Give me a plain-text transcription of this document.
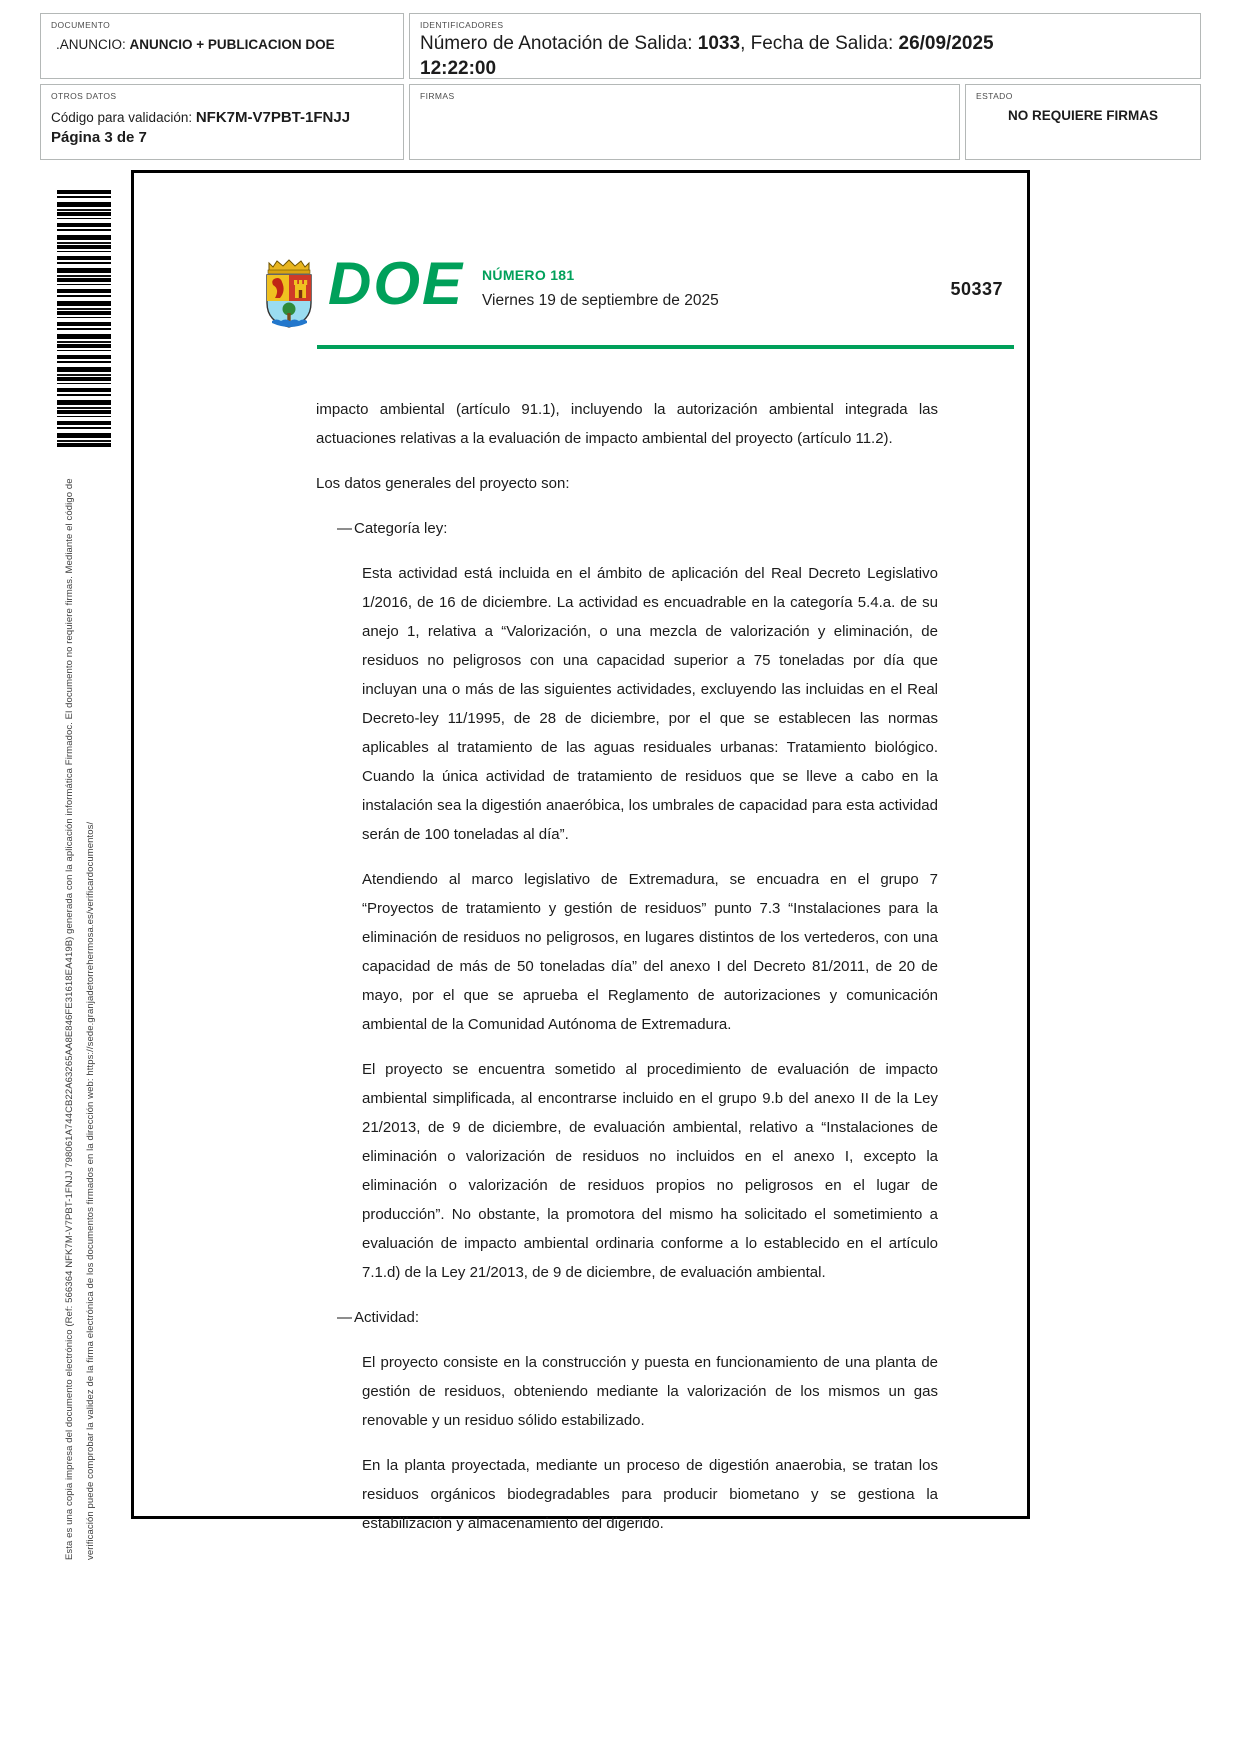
DOCUMENTO
.ANUNCIO: ANUNCIO + PUBLICACION DOE
IDENTIFICADORES
Número de Anotación de Salida: 1033, Fecha de Salida: 26/09/2025
12:22:00
OTROS DATOS
Código para validación: NFK7M-V7PBT-1FNJJ
Página 3 de 7
FIRMAS	ESTADO
NO REQUIERE FIRMAS
Esta es una copia impresa del documento electrónico (Ref: 566364 NFK7M-V7PBT-1FNJJ 798061A744CB22A63265AA8E846FE31618EA419B) generada con la aplicación informática Firmadoc. El documento no requiere firmas. Mediante el código de verificación puede comprobar la validez de la firma electrónica de los documentos firmados en la dirección web: https://sede.granjadetorrehermosa.es/verificardocumentos/
DOE NÚMERO 181
Viernes 19 de septiembre de 2025
50337

impacto ambiental (artículo 91.1), incluyendo la autorización ambiental integrada las actuaciones relativas a la evaluación de impacto ambiental del proyecto (artículo 11.2).

Los datos generales del proyecto son:

— Categoría ley:

Esta actividad está incluida en el ámbito de aplicación del Real Decreto Legislativo 1/2016, de 16 de diciembre. La actividad es encuadrable en la categoría 5.4.a. de su anejo 1, relativa a “Valorización, o una mezcla de valorización y eliminación, de residuos no peligrosos con una capacidad superior a 75 toneladas por día que incluyan una o más de las siguientes actividades, excluyendo las incluidas en el Real Decreto-ley 11/1995, de 28 de diciembre, por el que se establecen las normas aplicables al tratamiento de las aguas residuales urbanas: Tratamiento biológico. Cuando la única actividad de tratamiento de residuos que se lleve a cabo en la instalación sea la digestión anaeróbica, los umbrales de capacidad para esta actividad serán de 100 toneladas al día”.

Atendiendo al marco legislativo de Extremadura, se encuadra en el grupo 7 “Proyectos de tratamiento y gestión de residuos” punto 7.3 “Instalaciones para la eliminación de residuos no peligrosos, en lugares distintos de los vertederos, con una capacidad de más de 50 toneladas día” del anexo I del Decreto 81/2011, de 20 de mayo, por el que se aprueba el Reglamento de autorizaciones y comunicación ambiental de la Comunidad Autónoma de Extremadura.

El proyecto se encuentra sometido al procedimiento de evaluación de impacto ambiental simplificada, al encontrarse incluido en el grupo 9.b del anexo II de la Ley 21/2013, de 9 de diciembre, de evaluación ambiental, relativo a “Instalaciones de eliminación o valorización de residuos no incluidos en el anexo I, excepto la eliminación o valorización de residuos propios no peligrosos en el lugar de producción”. No obstante, la promotora del mismo ha solicitado el sometimiento a evaluación de impacto ambiental ordinaria conforme a lo establecido en el artículo 7.1.d) de la Ley 21/2013, de 9 de diciembre, de evaluación ambiental.

— Actividad:

El proyecto consiste en la construcción y puesta en funcionamiento de una planta de gestión de residuos, obteniendo mediante la valorización de los mismos un gas renovable y un residuo sólido estabilizado.

En la planta proyectada, mediante un proceso de digestión anaerobia, se tratan los residuos orgánicos biodegradables para producir biometano y se gestiona la estabilización y almacenamiento del digerido.
